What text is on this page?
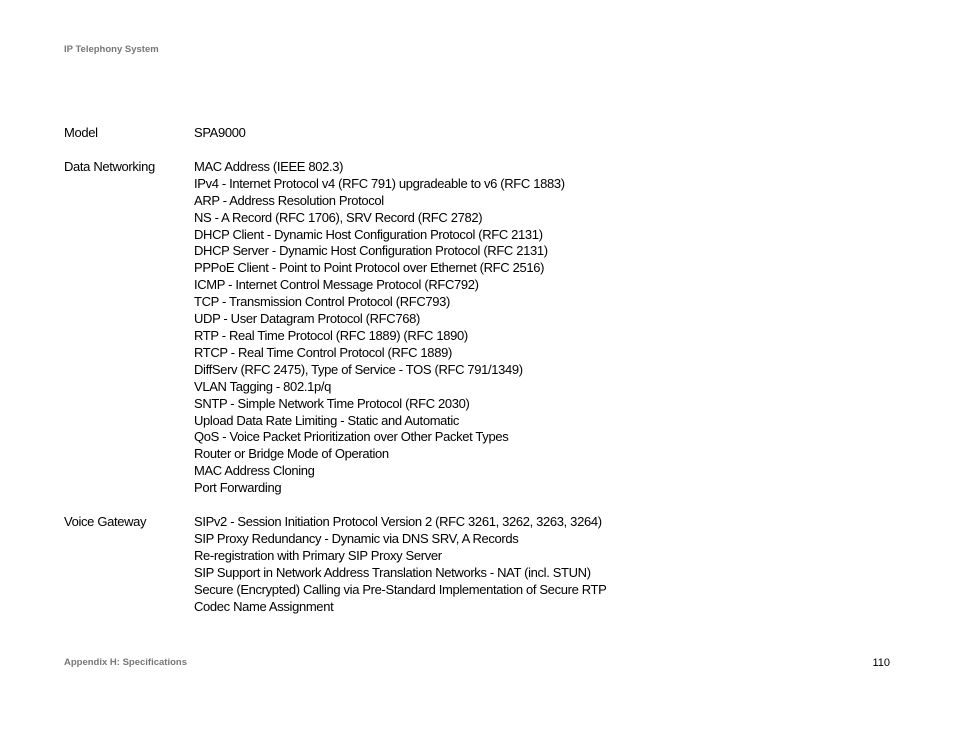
IP Telephony System
Model	SPA9000
Data Networking	MAC Address (IEEE 802.3)
IPv4 - Internet Protocol v4 (RFC 791) upgradeable to v6 (RFC 1883)
ARP - Address Resolution Protocol
NS - A Record (RFC 1706), SRV Record (RFC 2782)
DHCP Client - Dynamic Host Configuration Protocol (RFC 2131)
DHCP Server - Dynamic Host Configuration Protocol (RFC 2131)
PPPoE Client - Point to Point Protocol over Ethernet (RFC 2516)
ICMP - Internet Control Message Protocol (RFC792)
TCP - Transmission Control Protocol (RFC793)
UDP - User Datagram Protocol (RFC768)
RTP - Real Time Protocol (RFC 1889) (RFC 1890)
RTCP - Real Time Control Protocol (RFC 1889)
DiffServ (RFC 2475), Type of Service - TOS (RFC 791/1349)
VLAN Tagging - 802.1p/q
SNTP - Simple Network Time Protocol (RFC 2030)
Upload Data Rate Limiting - Static and Automatic
QoS - Voice Packet Prioritization over Other Packet Types
Router or Bridge Mode of Operation
MAC Address Cloning
Port Forwarding
Voice Gateway	SIPv2 - Session Initiation Protocol Version 2 (RFC 3261, 3262, 3263, 3264)
SIP Proxy Redundancy - Dynamic via DNS SRV, A Records
Re-registration with Primary SIP Proxy Server
SIP Support in Network Address Translation Networks - NAT (incl. STUN)
Secure (Encrypted) Calling via Pre-Standard Implementation of Secure RTP
Codec Name Assignment
Appendix H: Specifications	110
